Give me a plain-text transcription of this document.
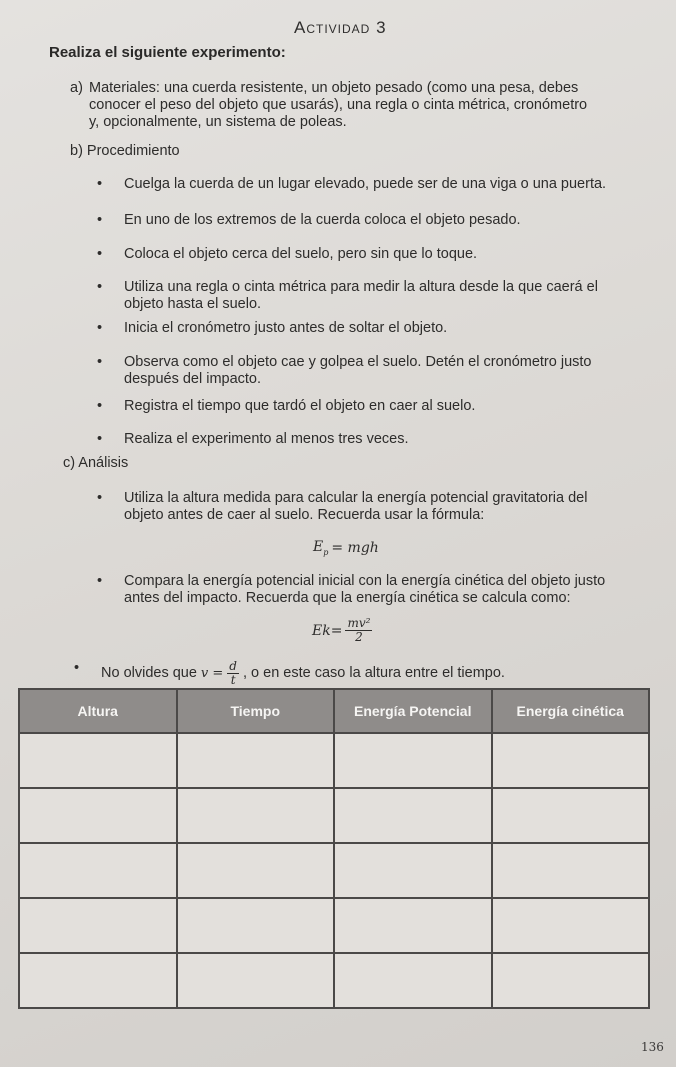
Actividad 3
Realiza el siguiente experimento:
a) Materiales: una cuerda resistente, un objeto pesado (como una pesa, debes
conocer el peso del objeto que usarás), una regla o cinta métrica, cronómetro
y, opcionalmente, un sistema de poleas.
b) Procedimiento
•	Cuelga la cuerda de un lugar elevado, puede ser de una viga o una puerta.
•	En uno de los extremos de la cuerda coloca el objeto pesado.
•	Coloca el objeto cerca del suelo, pero sin que lo toque.
•	Utiliza una regla o cinta métrica para medir la altura desde la que caerá el
objeto hasta el suelo.
•	Inicia el cronómetro justo antes de soltar el objeto.
•	Observa como el objeto cae y golpea el suelo. Detén el cronómetro justo
después del impacto.
•	Registra el tiempo que tardó el objeto en caer al suelo.
•	Realiza el experimento al menos tres veces.
c) Análisis
•	Utiliza la altura medida para calcular la energía potencial gravitatoria del
objeto antes de caer al suelo. Recuerda usar la fórmula:
$E_p$ = mgh
•	Compara la energía potencial inicial con la energía cinética del objeto justo
antes del impacto. Recuerda que la energía cinética se calcula como:
$Ek= \frac{\text{mv²}}{2}$
• No olvides que $v = \frac{d}{t}$ , o en este caso la altura entre el tiempo.
Altura	Tiempo	Energía Potencial	Energía cinética

136
